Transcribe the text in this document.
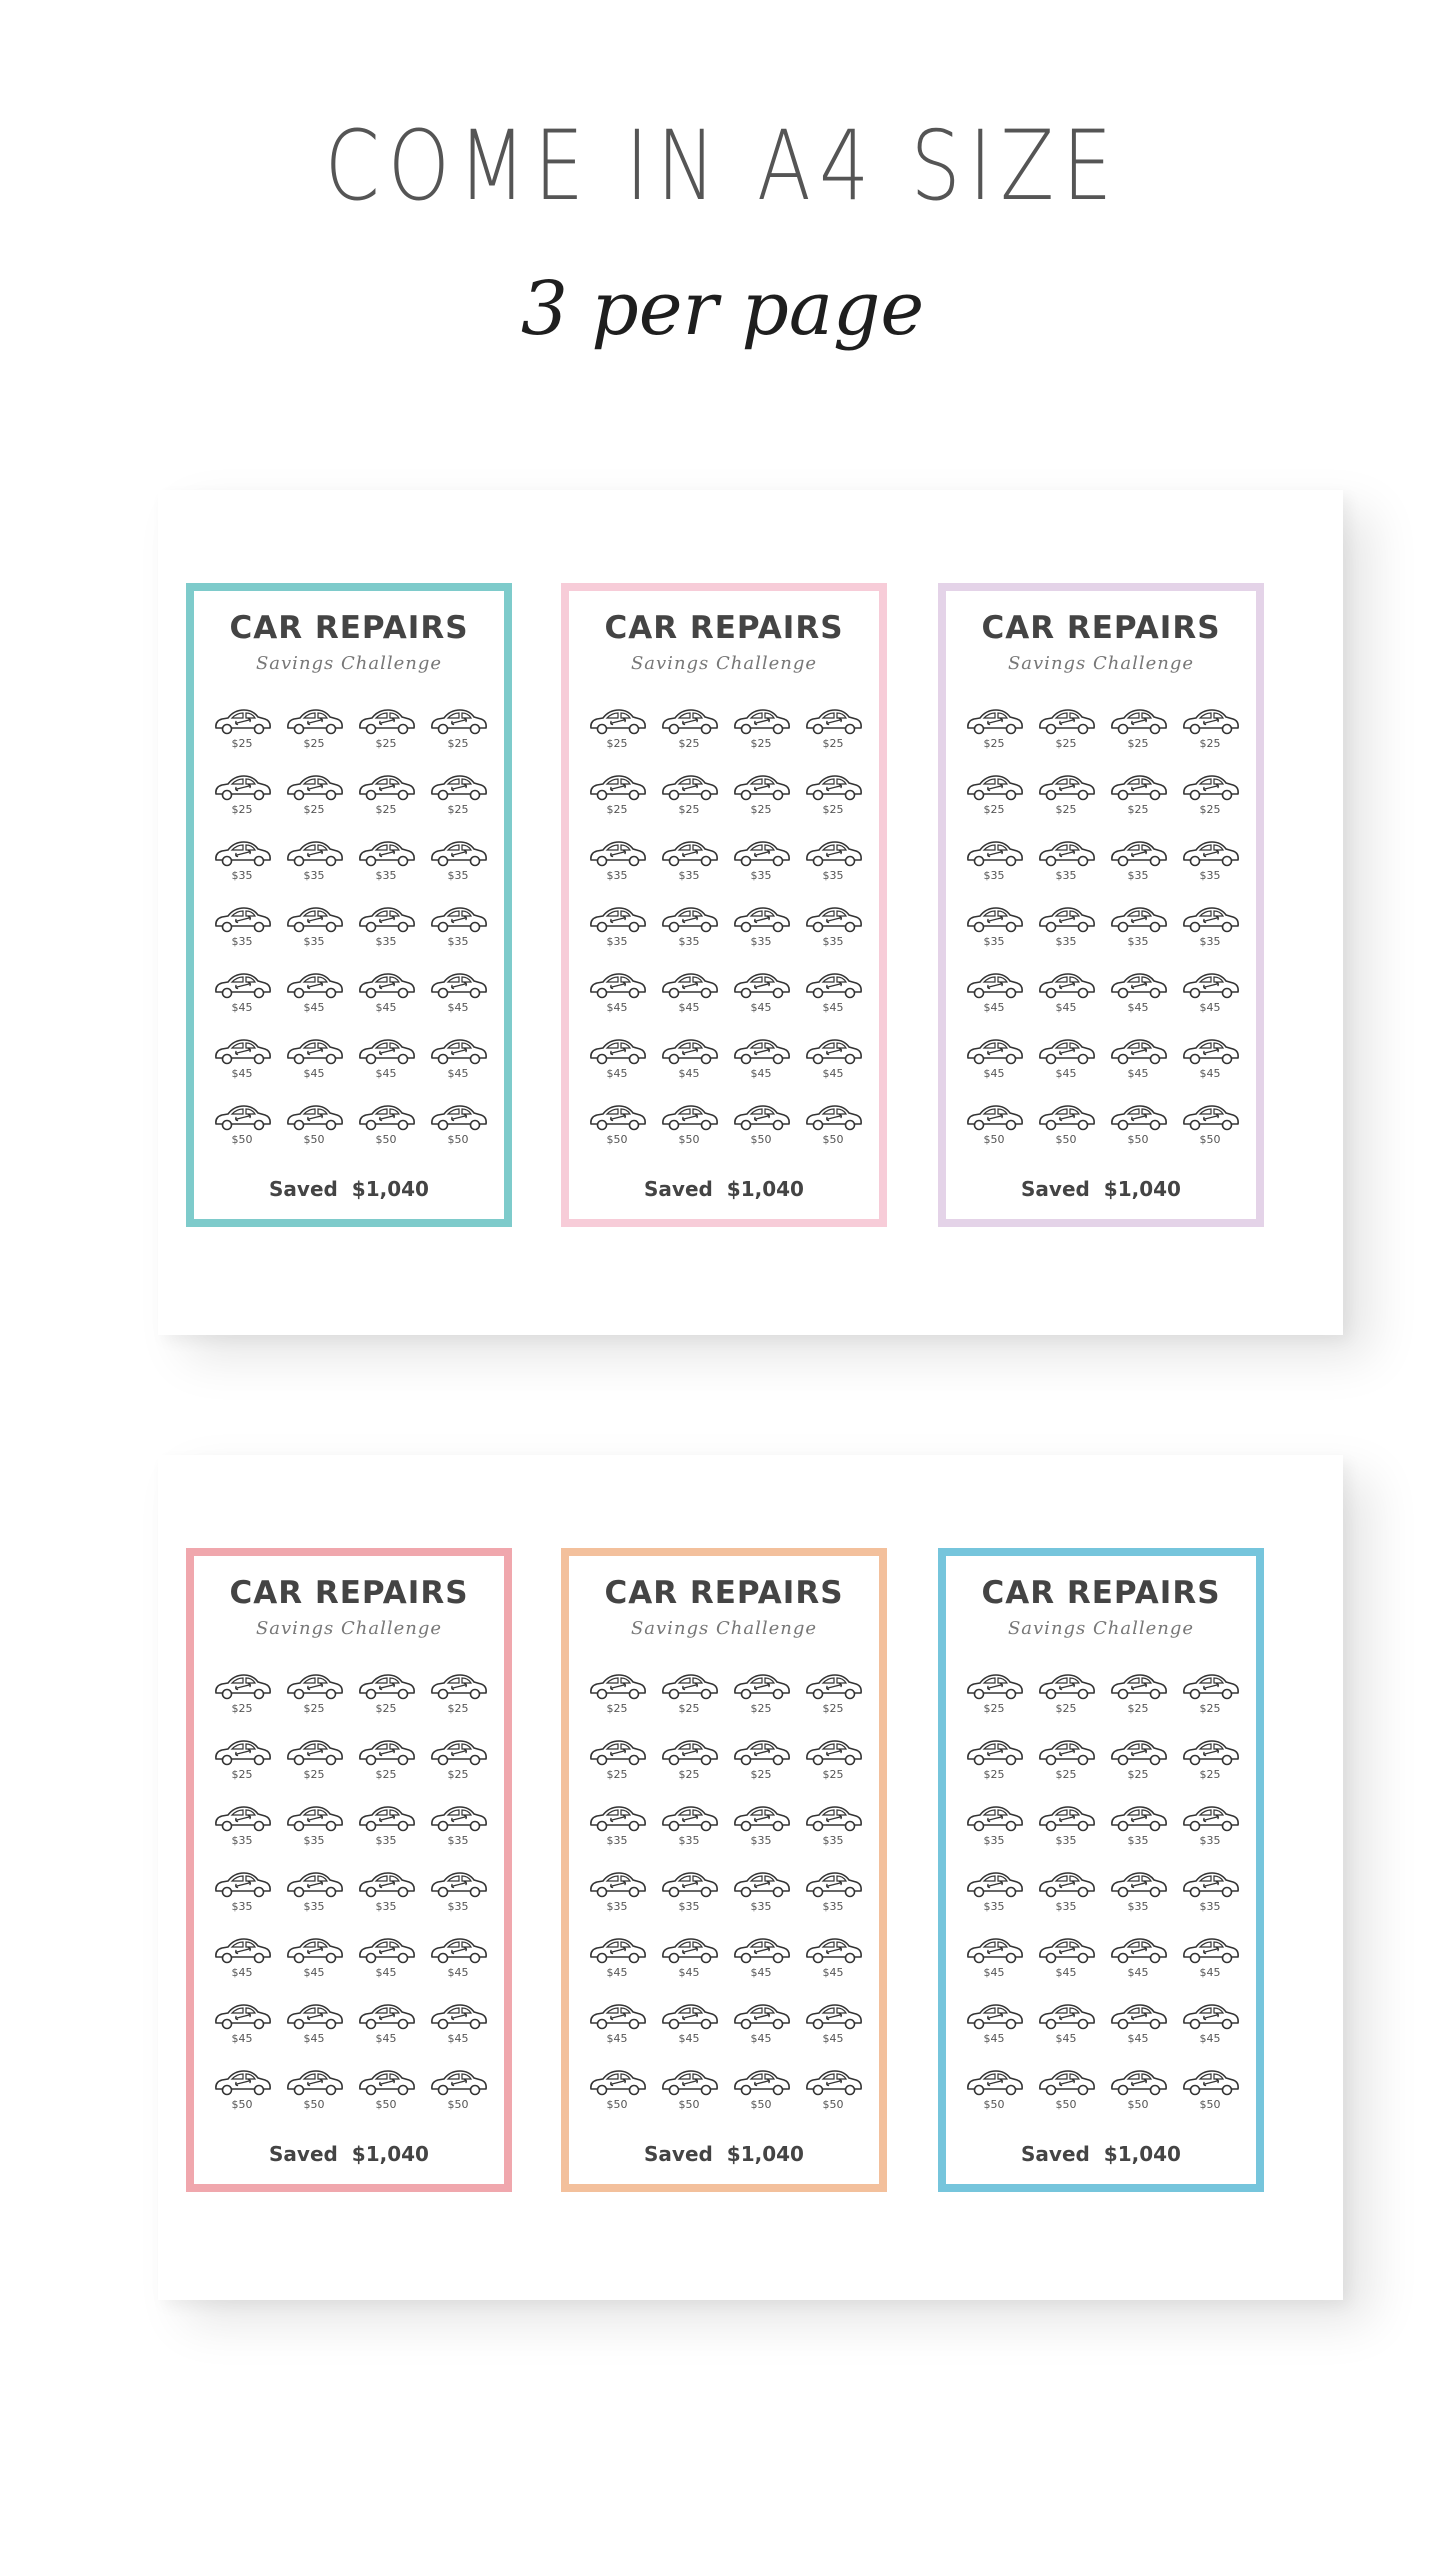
COME IN A4 SIZE

3 per page

CAR REPAIRS
Savings Challenge
$25	$25	$25	$25
$25	$25	$25	$25
$35	$35	$35	$35
$35	$35	$35	$35
$45	$45	$45	$45
$45	$45	$45	$45
$50	$50	$50	$50
Saved $1,040
CAR REPAIRS
Savings Challenge
$25	$25	$25	$25
$25	$25	$25	$25
$35	$35	$35	$35
$35	$35	$35	$35
$45	$45	$45	$45
$45	$45	$45	$45
$50	$50	$50	$50
Saved $1,040
CAR REPAIRS
Savings Challenge
$25	$25	$25	$25
$25	$25	$25	$25
$35	$35	$35	$35
$35	$35	$35	$35
$45	$45	$45	$45
$45	$45	$45	$45
$50	$50	$50	$50
Saved $1,040
CAR REPAIRS
Savings Challenge
$25	$25	$25	$25
$25	$25	$25	$25
$35	$35	$35	$35
$35	$35	$35	$35
$45	$45	$45	$45
$45	$45	$45	$45
$50	$50	$50	$50
Saved $1,040
CAR REPAIRS
Savings Challenge
$25	$25	$25	$25
$25	$25	$25	$25
$35	$35	$35	$35
$35	$35	$35	$35
$45	$45	$45	$45
$45	$45	$45	$45
$50	$50	$50	$50
Saved $1,040
CAR REPAIRS
Savings Challenge
$25	$25	$25	$25
$25	$25	$25	$25
$35	$35	$35	$35
$35	$35	$35	$35
$45	$45	$45	$45
$45	$45	$45	$45
$50	$50	$50	$50
Saved $1,040
